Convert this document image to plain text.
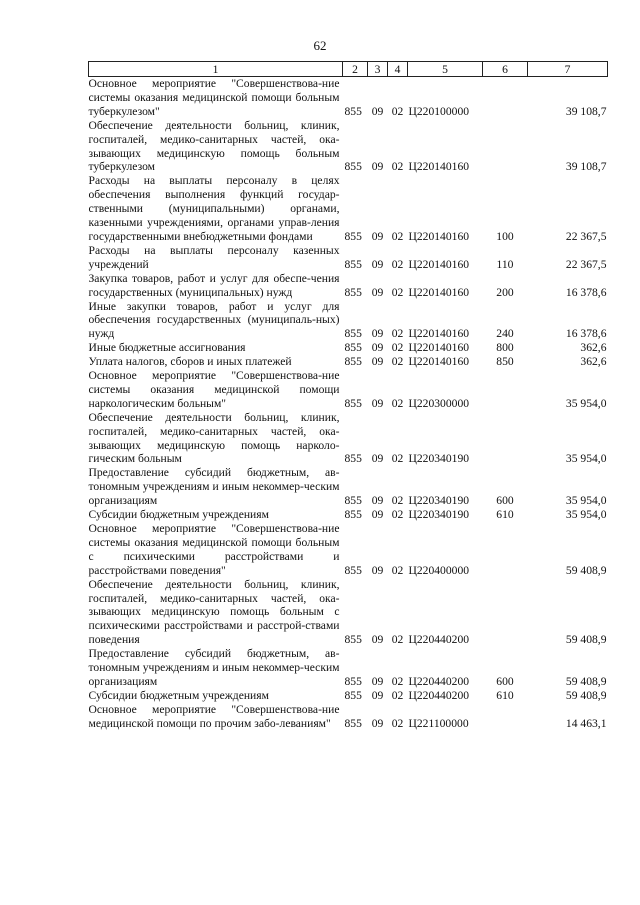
62
1	2	3	4	5	6	7
Основное мероприятие "Совершенствова-ние системы оказания медицинской помощи больным туберкулезом"	855	09	02	Ц220100000		39 108,7
Обеспечение деятельности больниц, клиник, госпиталей, медико-санитарных частей, ока-зывающих медицинскую помощь больным туберкулезом	855	09	02	Ц220140160		39 108,7
Расходы на выплаты персоналу в целях обеспечения выполнения функций государ-ственными (муниципальными) органами, казенными учреждениями, органами управ-ления государственными внебюджетными фондами	855	09	02	Ц220140160	100	22 367,5
Расходы на выплаты персоналу казенных учреждений	855	09	02	Ц220140160	110	22 367,5
Закупка товаров, работ и услуг для обеспе-чения государственных (муниципальных) нужд	855	09	02	Ц220140160	200	16 378,6
Иные закупки товаров, работ и услуг для обеспечения государственных (муниципаль-ных) нужд	855	09	02	Ц220140160	240	16 378,6
Иные бюджетные ассигнования	855	09	02	Ц220140160	800	362,6
Уплата налогов, сборов и иных платежей	855	09	02	Ц220140160	850	362,6
Основное мероприятие "Совершенствова-ние системы оказания медицинской помощи наркологическим больным"	855	09	02	Ц220300000		35 954,0
Обеспечение деятельности больниц, клиник, госпиталей, медико-санитарных частей, ока-зывающих медицинскую помощь нарколо-гическим больным	855	09	02	Ц220340190		35 954,0
Предоставление субсидий бюджетным, ав-тономным учреждениям и иным некоммер-ческим организациям	855	09	02	Ц220340190	600	35 954,0
Субсидии бюджетным учреждениям	855	09	02	Ц220340190	610	35 954,0
Основное мероприятие "Совершенствова-ние системы оказания медицинской помощи больным с психическими расстройствами и расстройствами поведения"	855	09	02	Ц220400000		59 408,9
Обеспечение деятельности больниц, клиник, госпиталей, медико-санитарных частей, ока-зывающих медицинскую помощь больным с психическими расстройствами и расстрой-ствами поведения	855	09	02	Ц220440200		59 408,9
Предоставление субсидий бюджетным, ав-тономным учреждениям и иным некоммер-ческим организациям	855	09	02	Ц220440200	600	59 408,9
Субсидии бюджетным учреждениям	855	09	02	Ц220440200	610	59 408,9
Основное мероприятие "Совершенствова-ние медицинской помощи по прочим забо-леваниям"	855	09	02	Ц221100000		14 463,1
